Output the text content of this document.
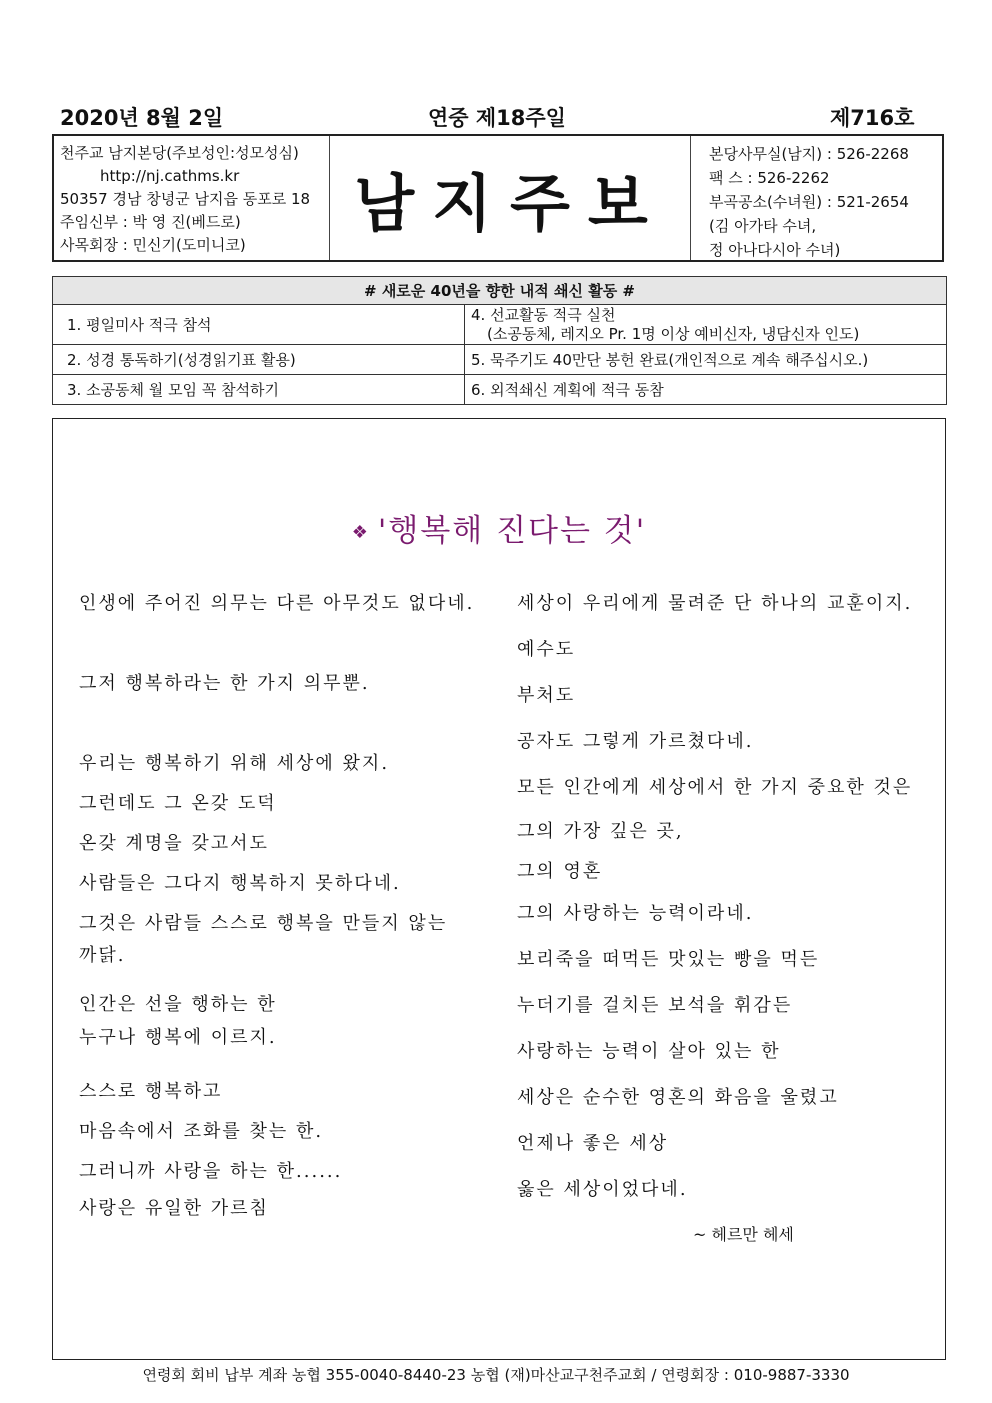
2020년 8월 2일	연중 제18주일	제716호
천주교 남지본당(주보성인:성모성심)
http://nj.cathms.kr
50357 경남 창녕군 남지읍 동포로 18
주임신부 : 박 영 진(베드로)
사목회장 : 민신기(도미니코)
남지주보
본당사무실(남지) : 526-2268
팩 스 : 526-2262
부곡공소(수녀원) : 521-2654
(김 아가타 수녀,
정 아나다시아 수녀)
# 새로운 40년을 향한 내적 쇄신 활동 #	
1. 평일미사 적극 참석	4. 선교활동 적극 실천
(소공동체, 레지오 Pr. 1명 이상 예비신자, 냉담신자 인도)

2. 성경 통독하기(성경읽기표 활용)	5. 묵주기도 40만단 봉헌 완료(개인적으로 계속 해주십시오.)
3. 소공동체 월 모임 꼭 참석하기	6. 외적쇄신 계획에 적극 동참
❖ '행복해 진다는 것'
인생에 주어진 의무는 다른 아무것도 없다네.
그저 행복하라는 한 가지 의무뿐.
우리는 행복하기 위해 세상에 왔지.
그런데도 그 온갖 도덕
온갖 계명을 갖고서도
사람들은 그다지 행복하지 못하다네.
그것은 사람들 스스로 행복을 만들지 않는
까닭.
인간은 선을 행하는 한
누구나 행복에 이르지.
스스로 행복하고
마음속에서 조화를 찾는 한.
그러니까 사랑을 하는 한......
사랑은 유일한 가르침
세상이 우리에게 물려준 단 하나의 교훈이지.
예수도
부처도
공자도 그렇게 가르쳤다네.
모든 인간에게 세상에서 한 가지 중요한 것은
그의 가장 깊은 곳,
그의 영혼
그의 사랑하는 능력이라네.
보리죽을 떠먹든 맛있는 빵을 먹든
누더기를 걸치든 보석을 휘감든
사랑하는 능력이 살아 있는 한
세상은 순수한 영혼의 화음을 울렸고
언제나 좋은 세상
옳은 세상이었다네.
~ 헤르만 헤세
연령회 회비 납부 계좌 농협 355-0040-8440-23 농협 (재)마산교구천주교회 / 연령회장 : 010-9887-3330
